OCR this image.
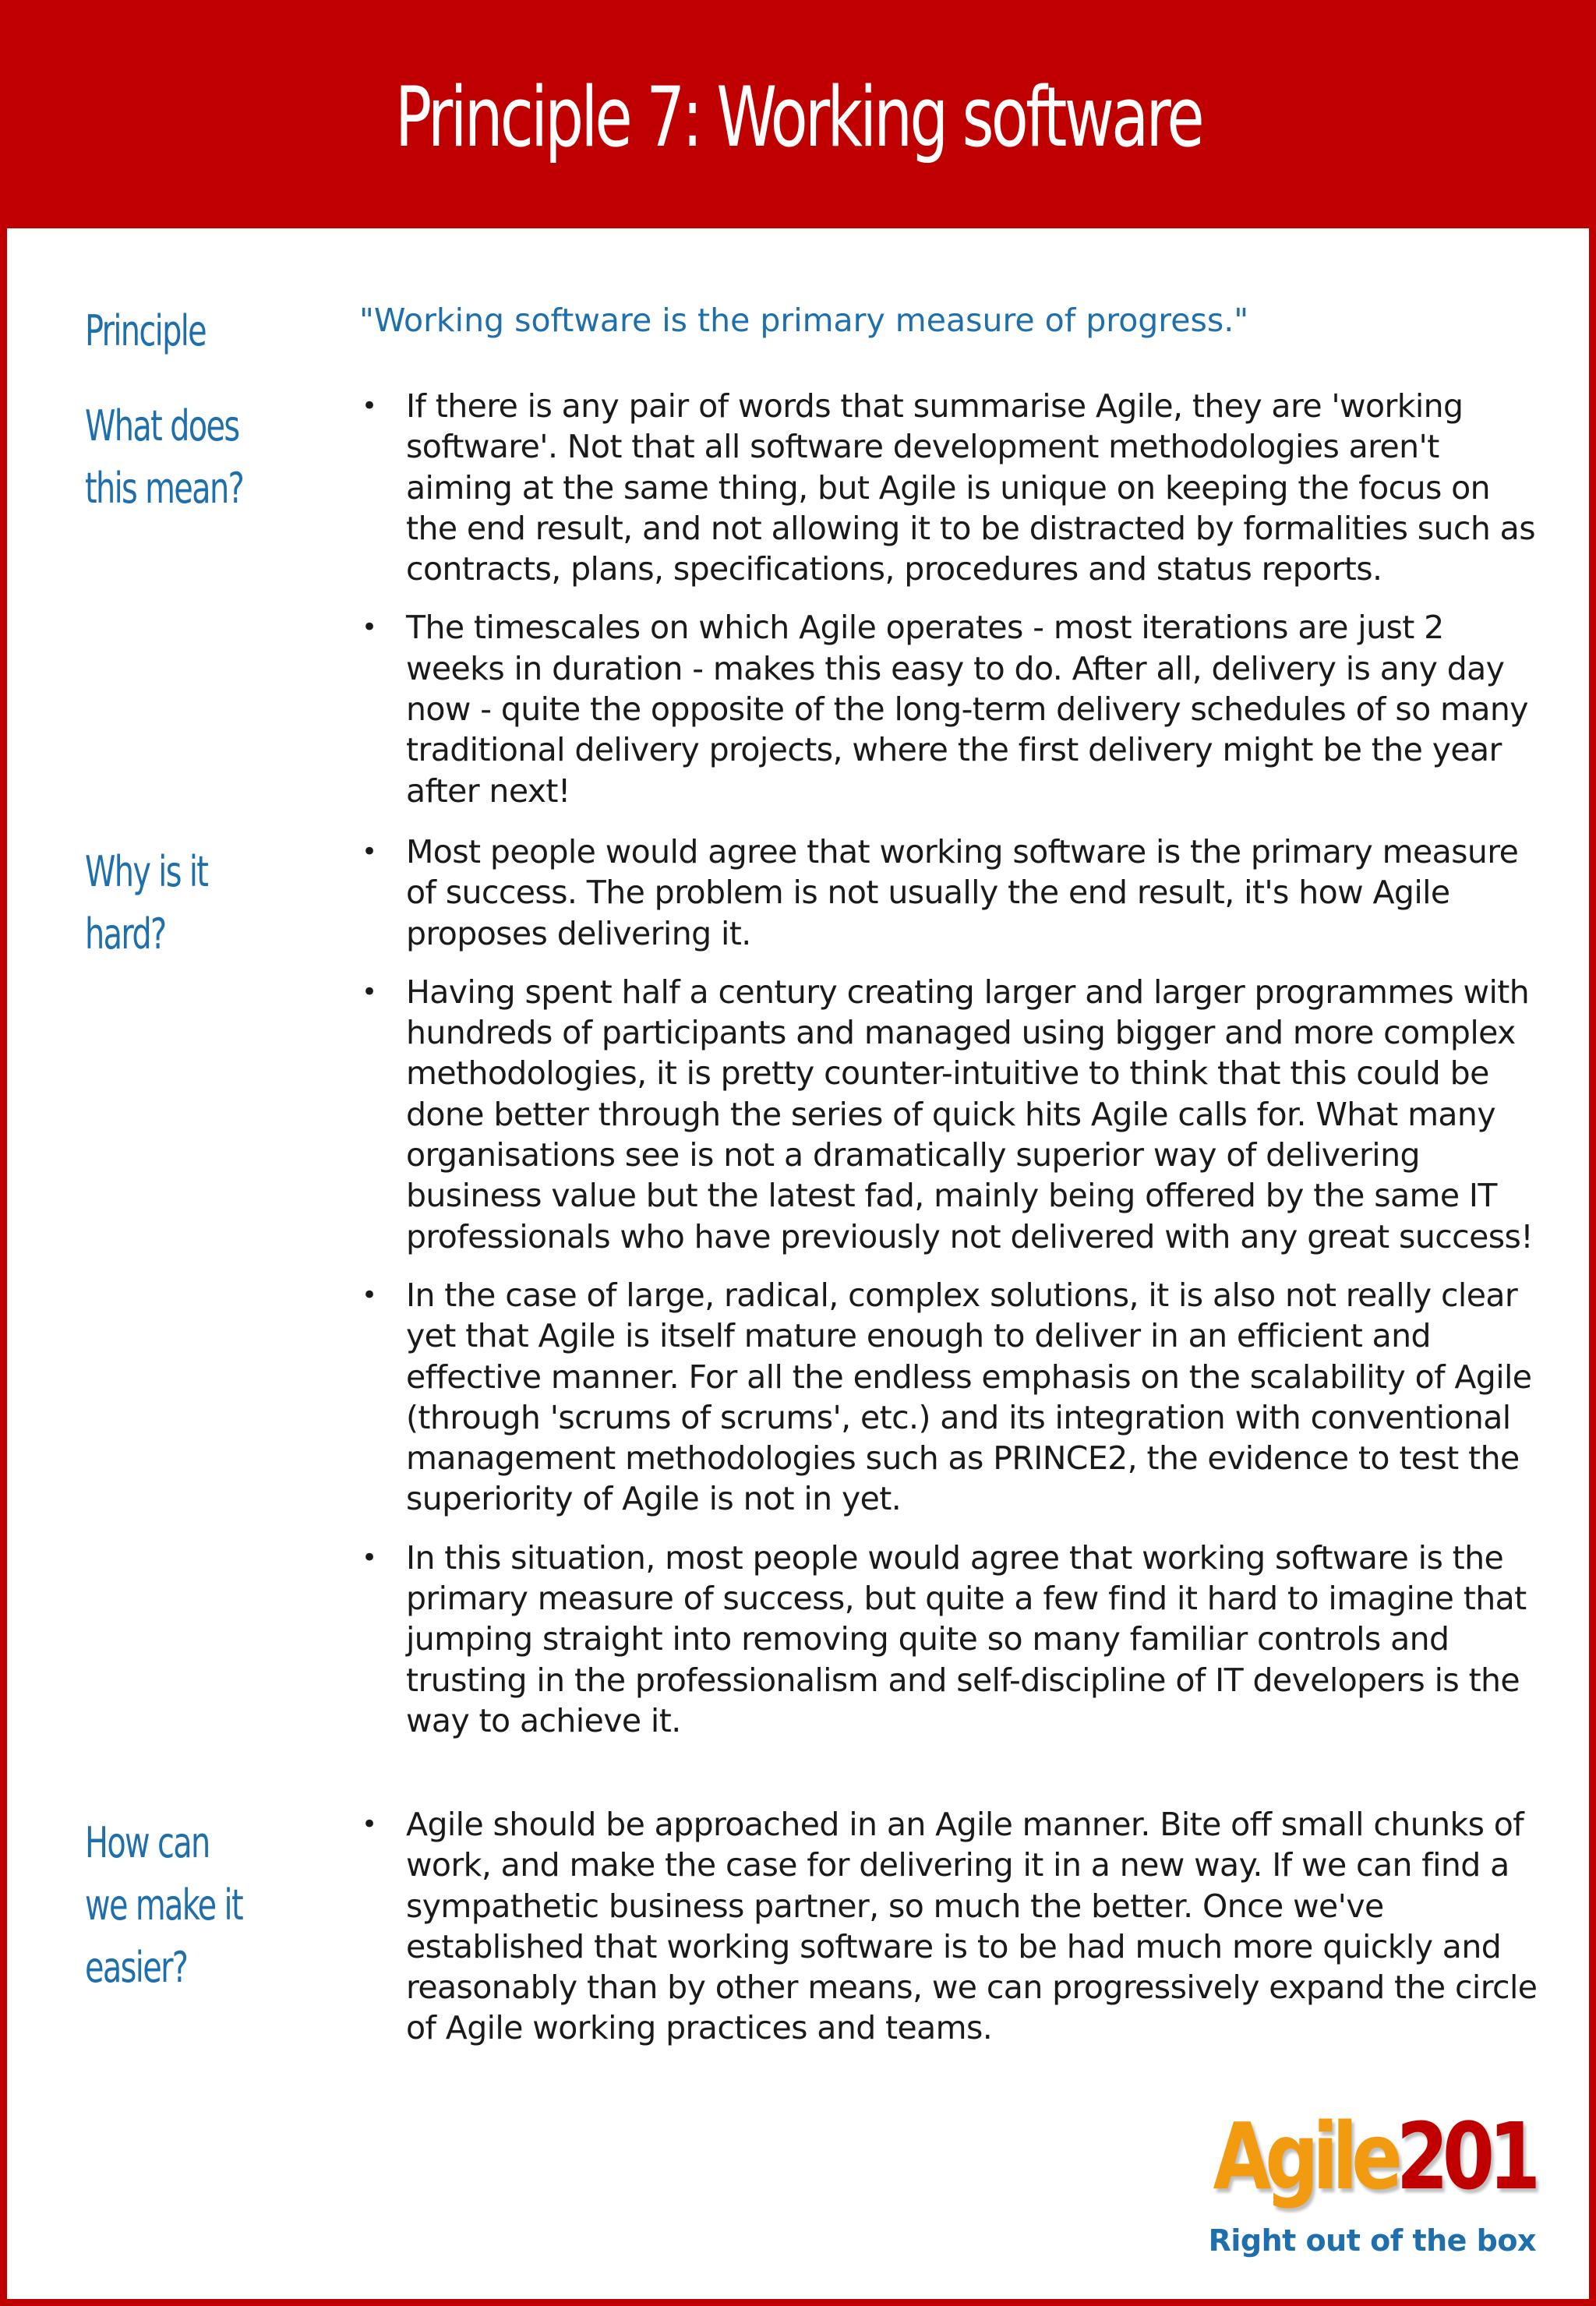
Principle 7: Working software
Principle	"Working software is the primary measure of progress."
What does this mean?
• If there is any pair of words that summarise Agile, they are 'working software'. Not that all software development methodologies aren't aiming at the same thing, but Agile is unique on keeping the focus on the end result, and not allowing it to be distracted by formalities such as contracts, plans, specifications, procedures and status reports.
• The timescales on which Agile operates - most iterations are just 2 weeks in duration - makes this easy to do. After all, delivery is any day now - quite the opposite of the long-term delivery schedules of so many traditional delivery projects, where the first delivery might be the year after next!
Why is it hard?
• Most people would agree that working software is the primary measure of success. The problem is not usually the end result, it's how Agile proposes delivering it.
• Having spent half a century creating larger and larger programmes with hundreds of participants and managed using bigger and more complex methodologies, it is pretty counter-intuitive to think that this could be done better through the series of quick hits Agile calls for. What many organisations see is not a dramatically superior way of delivering business value but the latest fad, mainly being offered by the same IT professionals who have previously not delivered with any great success!
• In the case of large, radical, complex solutions, it is also not really clear yet that Agile is itself mature enough to deliver in an efficient and effective manner. For all the endless emphasis on the scalability of Agile (through 'scrums of scrums', etc.) and its integration with conventional management methodologies such as PRINCE2, the evidence to test the superiority of Agile is not in yet.
• In this situation, most people would agree that working software is the primary measure of success, but quite a few find it hard to imagine that jumping straight into removing quite so many familiar controls and trusting in the professionalism and self-discipline of IT developers is the way to achieve it.
How can we make it easier?
• Agile should be approached in an Agile manner. Bite off small chunks of work, and make the case for delivering it in a new way. If we can find a sympathetic business partner, so much the better. Once we've established that working software is to be had much more quickly and reasonably than by other means, we can progressively expand the circle of Agile working practices and teams.
Agile201
Right out of the box
